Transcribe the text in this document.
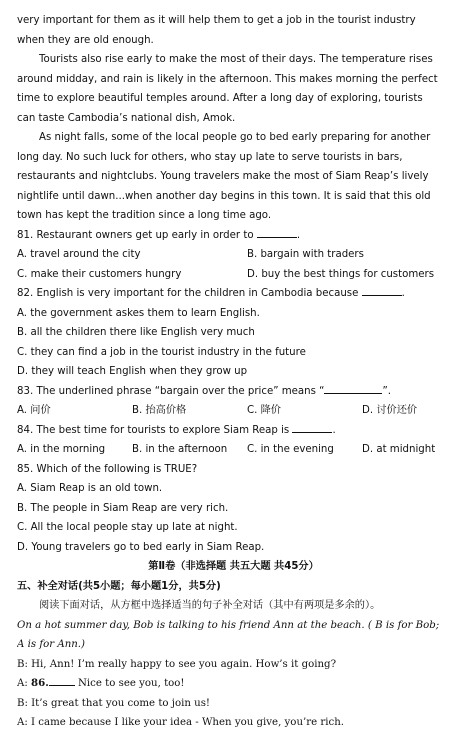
very important for them as it will help them to get a job in the tourist industry
when they are old enough.
Tourists also rise early to make the most of their days. The temperature rises
around midday, and rain is likely in the afternoon. This makes morning the perfect
time to explore beautiful temples around. After a long day of exploring, tourists
can taste Cambodia’s national dish, Amok.
As night falls, some of the local people go to bed early preparing for another
long day. No such luck for others, who stay up late to serve tourists in bars,
restaurants and nightclubs. Young travelers make the most of Siam Reap’s lively
nightlife until dawn...when another day begins in this town. It is said that this old
town has kept the tradition since a long time ago.
81. Restaurant owners get up early in order to	.
A. travel around the city	B. bargain with traders
C. make their customers hungry	D. buy the best things for customers
82. English is very important for the children in Cambodia because	.
A. the government askes them to learn English.
B. all the children there like English very much
C. they can find a job in the tourist industry in the future
D. they will teach English when they grow up
83. The underlined phrase “bargain over the price” means “	”.
A. 问价	B. 抬高价格	C. 降价	D. 讨价还价
84. The best time for tourists to explore Siam Reap is	.
A. in the morning	B. in the afternoon	C. in the evening	D. at midnight
85. Which of the following is TRUE?
A. Siam Reap is an old town.
B. The people in Siam Reap are very rich.
C. All the local people stay up late at night.
D. Young travelers go to bed early in Siam Reap.
第Ⅱ卷（非选择题 共五大题 共45分）
五、补全对话(共5小题；每小题1分，共5分)
阅读下面对话，从方框中选择适当的句子补全对话（其中有两项是多余的）。
On a hot summer day, Bob is talking to his friend Ann at the beach. ( B is for Bob;
A is for Ann.)
B: Hi, Ann! I’m really happy to see you again. How’s it going?
A: 86.	Nice to see you, too!
B: It’s great that you come to join us!
A: I came because I like your idea - When you give, you’re rich.
